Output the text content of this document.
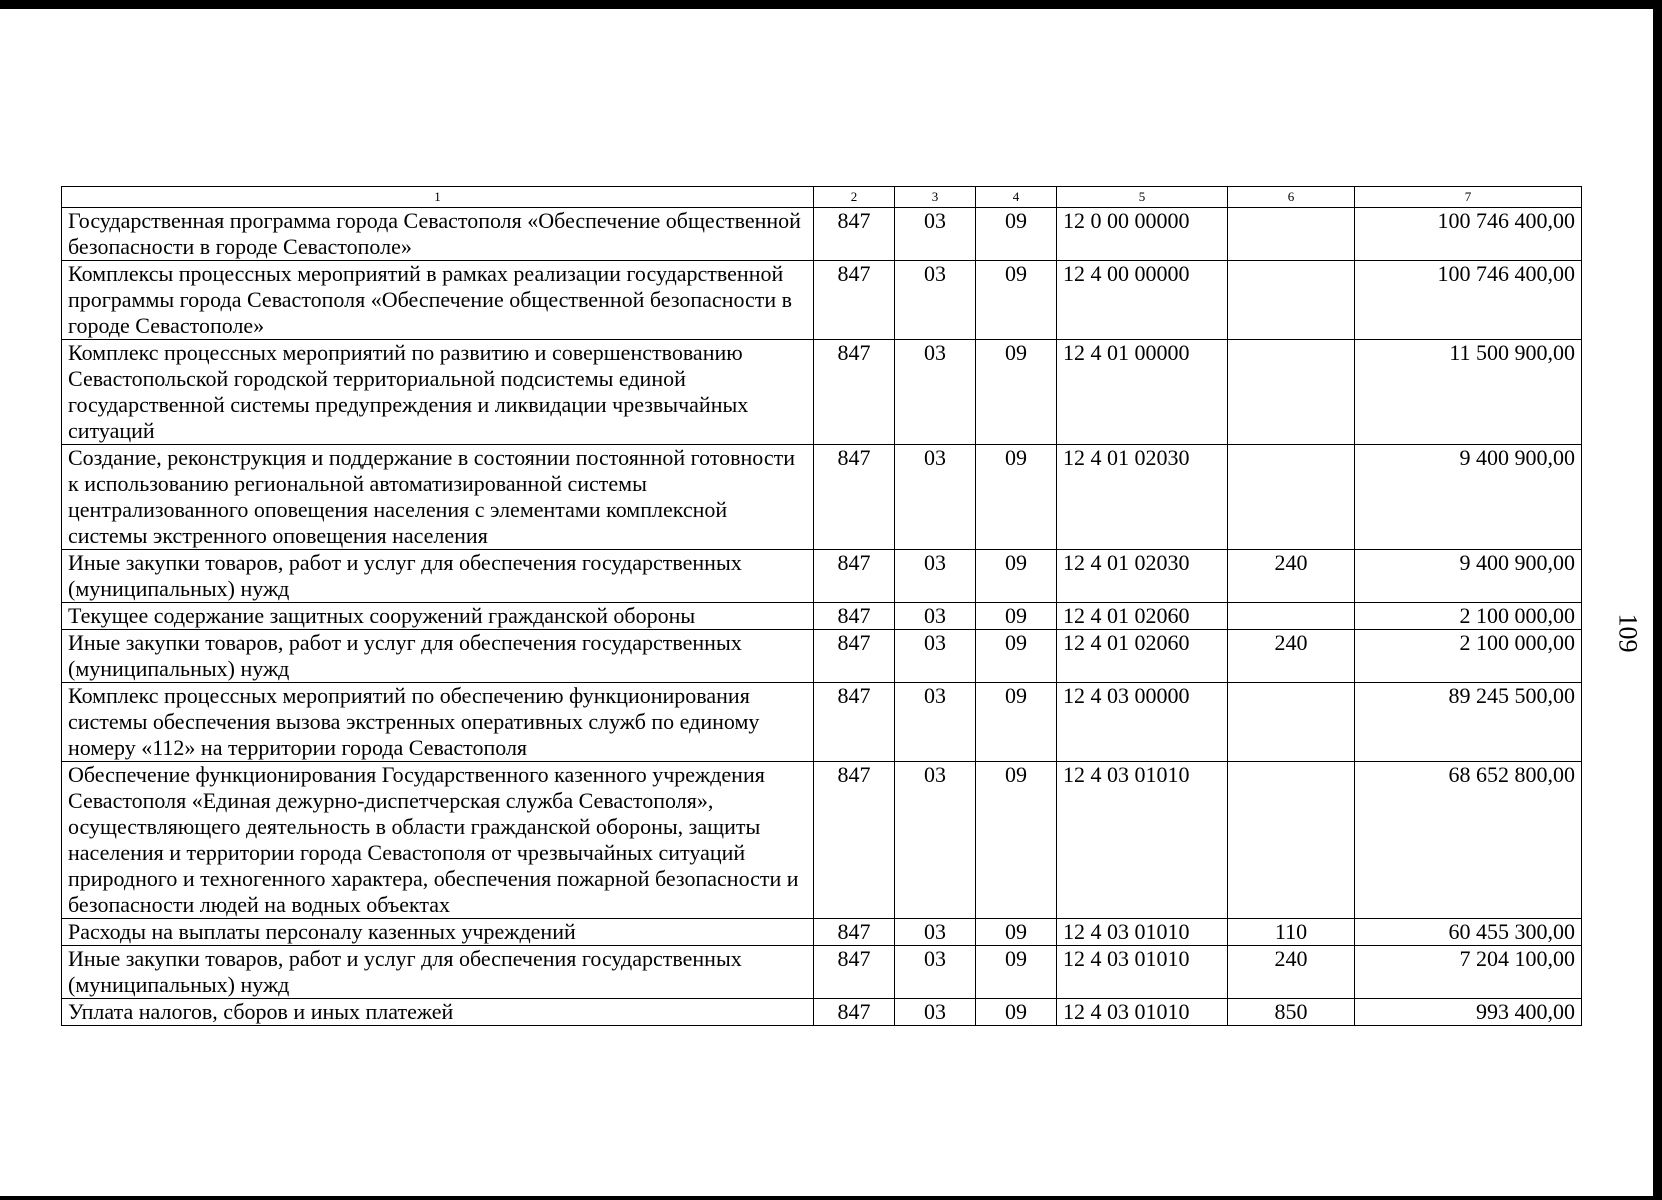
1	2	3	4	5	6	7
Государственная программа города Севастополя «Обеспечение общественной безопасности в городе Севастополе»	847	03	09	12 0 00 00000		100 746 400,00
Комплексы процессных мероприятий в рамках реализации государственной программы города Севастополя «Обеспечение общественной безопасности в городе Севастополе»	847	03	09	12 4 00 00000		100 746 400,00
Комплекс процессных мероприятий по развитию и совершенствованию Севастопольской городской территориальной подсистемы единой государственной системы предупреждения и ликвидации чрезвычайных ситуаций	847	03	09	12 4 01 00000		11 500 900,00
Создание, реконструкция и поддержание в состоянии постоянной готовности к использованию региональной автоматизированной системы централизованного оповещения населения с элементами комплексной системы экстренного оповещения населения	847	03	09	12 4 01 02030		9 400 900,00
Иные закупки товаров, работ и услуг для обеспечения государственных (муниципальных) нужд	847	03	09	12 4 01 02030	240	9 400 900,00
Текущее содержание защитных сооружений гражданской обороны	847	03	09	12 4 01 02060		2 100 000,00
Иные закупки товаров, работ и услуг для обеспечения государственных (муниципальных) нужд	847	03	09	12 4 01 02060	240	2 100 000,00
Комплекс процессных мероприятий по обеспечению функционирования системы обеспечения вызова экстренных оперативных служб по единому номеру «112» на территории города Севастополя	847	03	09	12 4 03 00000		89 245 500,00
Обеспечение функционирования Государственного казенного учреждения Севастополя «Единая дежурно-диспетчерская служба Севастополя», осуществляющего деятельность в области гражданской обороны, защиты населения и территории города Севастополя от чрезвычайных ситуаций природного и техногенного характера, обеспечения пожарной безопасности и безопасности людей на водных объектах	847	03	09	12 4 03 01010		68 652 800,00
Расходы на выплаты персоналу казенных учреждений	847	03	09	12 4 03 01010	110	60 455 300,00
Иные закупки товаров, работ и услуг для обеспечения государственных (муниципальных) нужд	847	03	09	12 4 03 01010	240	7 204 100,00
Уплата налогов, сборов и иных платежей	847	03	09	12 4 03 01010	850	993 400,00
109
